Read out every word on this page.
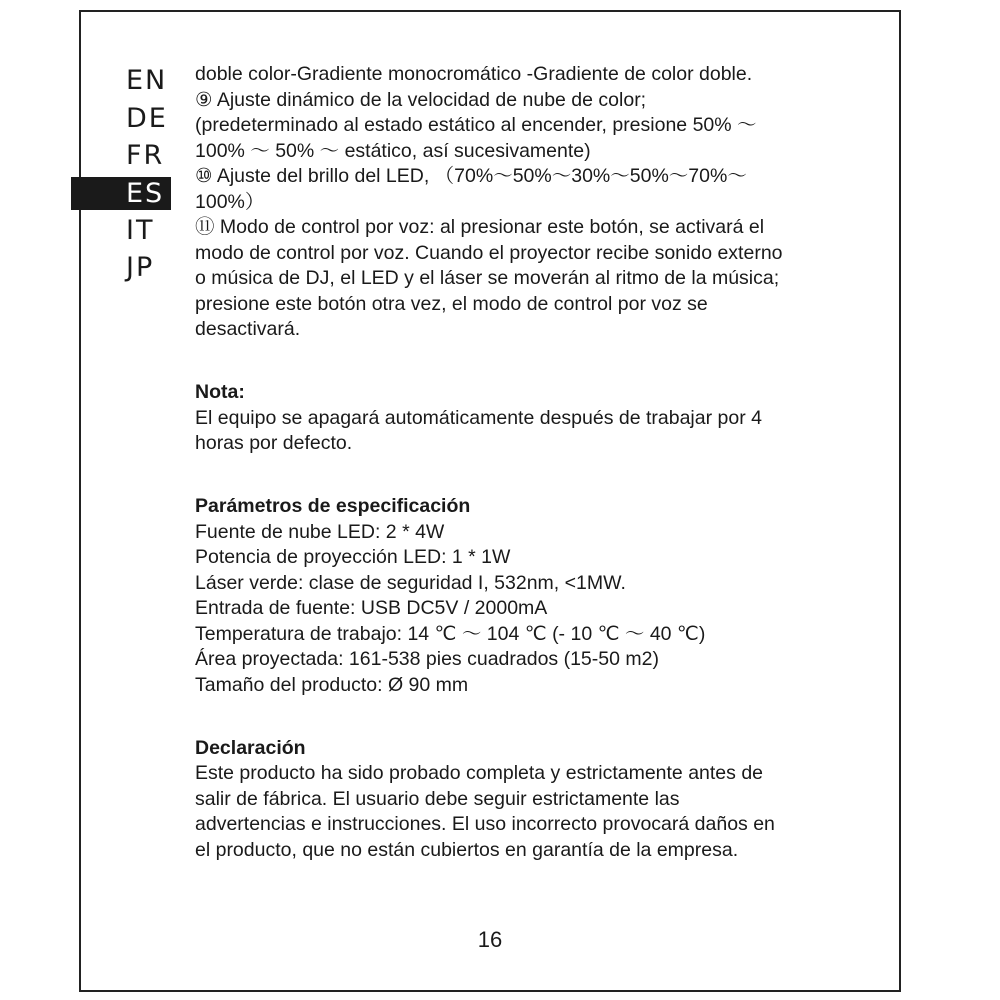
EN
DE
FR
ES
IT
JP
doble color-Gradiente monocromático -Gradiente de color doble.
⑨ Ajuste dinámico de la velocidad de nube de color;
(predeterminado al estado estático al encender, presione 50% ～
100% ～ 50% ～ estático, así sucesivamente)
⑩ Ajuste del brillo del LED, （70%～50%～30%～50%～70%～
100%）
⑪ Modo de control por voz: al presionar este botón, se activará el
modo de control por voz. Cuando el proyector recibe sonido externo
o música de DJ, el LED y el láser se moverán al ritmo de la música;
presione este botón otra vez, el modo de control por voz se
desactivará.
Nota:
El equipo se apagará automáticamente después de trabajar por 4
horas por defecto.
Parámetros de especificación
Fuente de nube LED: 2 * 4W
Potencia de proyección LED: 1 * 1W
Láser verde: clase de seguridad I, 532nm, <1MW.
Entrada de fuente: USB DC5V / 2000mA
Temperatura de trabajo: 14 ℃ ～ 104 ℃ (- 10 ℃ ～ 40 ℃)
Área proyectada: 161-538 pies cuadrados (15-50 m2)
Tamaño del producto: Ø 90 mm
Declaración
Este producto ha sido probado completa y estrictamente antes de
salir de fábrica. El usuario debe seguir estrictamente las
advertencias e instrucciones. El uso incorrecto provocará daños en
el producto, que no están cubiertos en garantía de la empresa.
16
